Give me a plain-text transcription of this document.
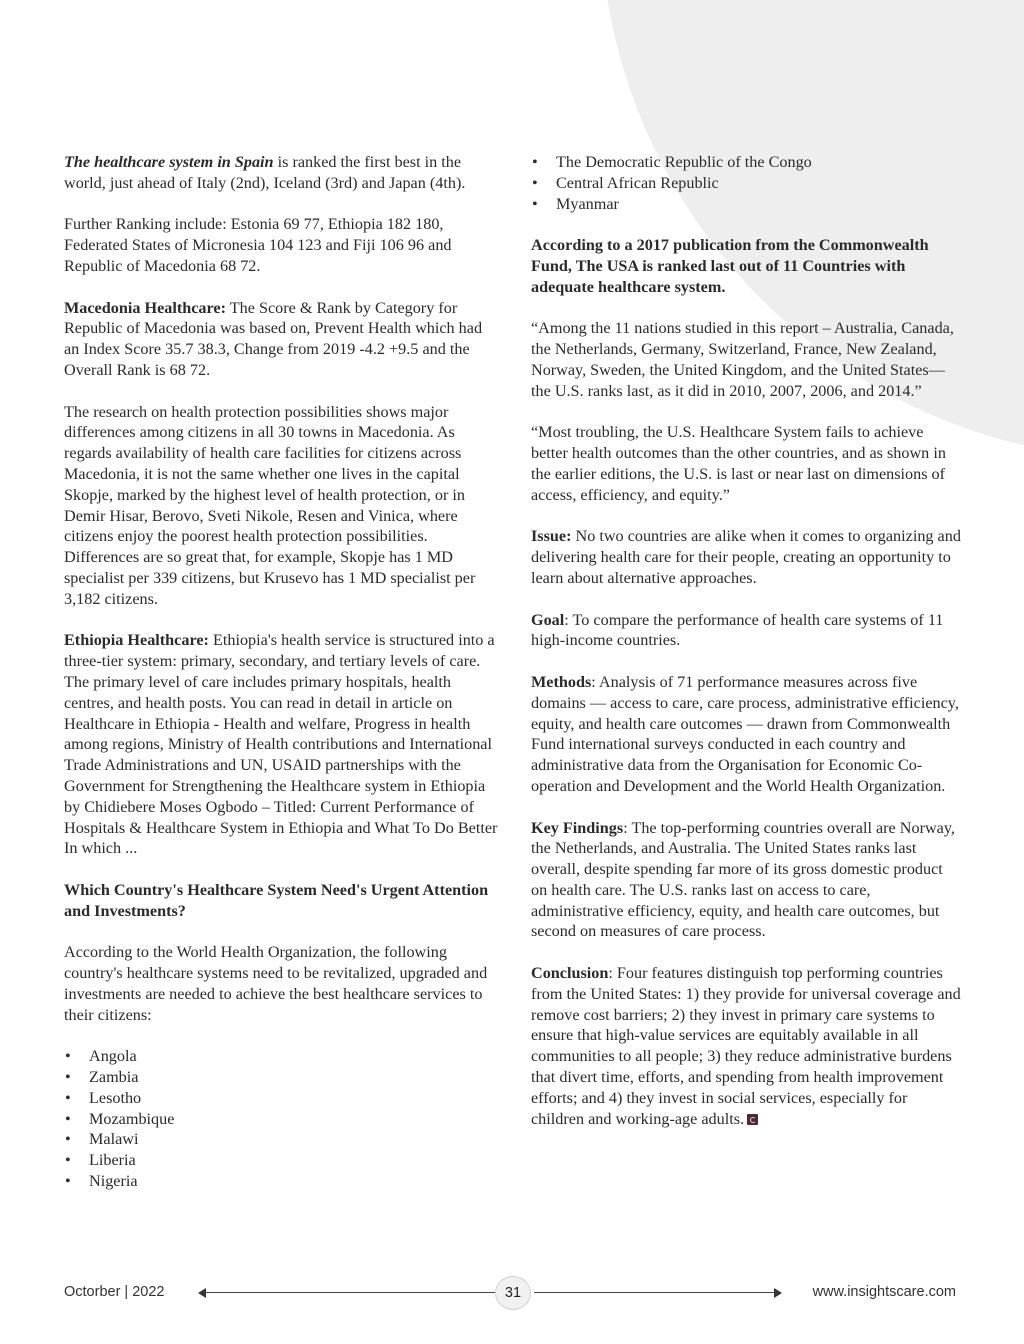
The healthcare system in Spain is ranked the first best in the world, just ahead of Italy (2nd), Iceland (3rd) and Japan (4th).

Further Ranking include: Estonia 69 77, Ethiopia 182 180, Federated States of Micronesia 104 123 and Fiji 106 96 and Republic of Macedonia 68 72.

Macedonia Healthcare: The Score & Rank by Category for Republic of Macedonia was based on, Prevent Health which had an Index Score 35.7 38.3, Change from 2019 -4.2 +9.5 and the Overall Rank is 68 72.

The research on health protection possibilities shows major differences among citizens in all 30 towns in Macedonia. As regards availability of health care facilities for citizens across Macedonia, it is not the same whether one lives in the capital Skopje, marked by the highest level of health protection, or in Demir Hisar, Berovo, Sveti Nikole, Resen and Vinica, where citizens enjoy the poorest health protection possibilities. Differences are so great that, for example, Skopje has 1 MD specialist per 339 citizens, but Krusevo has 1 MD specialist per 3,182 citizens.

Ethiopia Healthcare: Ethiopia's health service is structured into a three-tier system: primary, secondary, and tertiary levels of care. The primary level of care includes primary hospitals, health centres, and health posts. You can read in detail in article on Healthcare in Ethiopia - Health and welfare, Progress in health among regions, Ministry of Health contributions and International Trade Administrations and UN, USAID partnerships with the Government for Strengthening the Healthcare system in Ethiopia by Chidiebere Moses Ogbodo – Titled: Current Performance of Hospitals & Healthcare System in Ethiopia and What To Do Better In which ...

Which Country's Healthcare System Need's Urgent Attention and Investments?

According to the World Health Organization, the following country's healthcare systems need to be revitalized, upgraded and investments are needed to achieve the best healthcare services to their citizens:

• Angola
• Zambia
• Lesotho
• Mozambique
• Malawi
• Liberia
• Nigeria
• The Democratic Republic of the Congo
• Central African Republic
• Myanmar

According to a 2017 publication from the Commonwealth Fund, The USA is ranked last out of 11 Countries with adequate healthcare system.

“Among the 11 nations studied in this report – Australia, Canada, the Netherlands, Germany, Switzerland, France, New Zealand, Norway, Sweden, the United Kingdom, and the United States—the U.S. ranks last, as it did in 2010, 2007, 2006, and 2014.”

“Most troubling, the U.S. Healthcare System fails to achieve better health outcomes than the other countries, and as shown in the earlier editions, the U.S. is last or near last on dimensions of access, efficiency, and equity.”

Issue: No two countries are alike when it comes to organizing and delivering health care for their people, creating an opportunity to learn about alternative approaches.

Goal: To compare the performance of health care systems of 11 high-income countries.

Methods: Analysis of 71 performance measures across five domains — access to care, care process, administrative efficiency, equity, and health care outcomes — drawn from Commonwealth Fund international surveys conducted in each country and administrative data from the Organisation for Economic Co-operation and Development and the World Health Organization.

Key Findings: The top-performing countries overall are Norway, the Netherlands, and Australia. The United States ranks last overall, despite spending far more of its gross domestic product on health care. The U.S. ranks last on access to care, administrative efficiency, equity, and health care outcomes, but second on measures of care process.

Conclusion: Four features distinguish top performing countries from the United States: 1) they provide for universal coverage and remove cost barriers; 2) they invest in primary care systems to ensure that high-value services are equitably available in all communities to all people; 3) they reduce administrative burdens that divert time, efforts, and spending from health improvement efforts; and 4) they invest in social services, especially for children and working-age adults.

Octorber | 2022	31	www.insightscare.com
